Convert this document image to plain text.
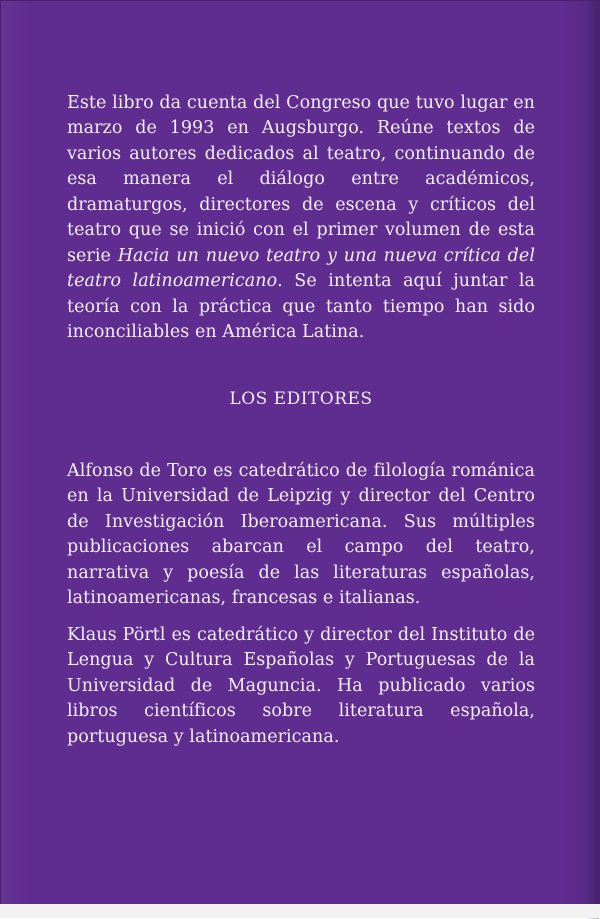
Este libro da cuenta del Congreso que tuvo lugar en marzo de 1993 en Augsburgo. Reúne textos de varios autores dedicados al teatro, continuando de esa manera el diálogo entre académicos, dramaturgos, directores de escena y críticos del teatro que se inició con el primer volumen de esta serie Hacia un nuevo teatro y una nueva crítica del teatro latinoamericano. Se intenta aquí juntar la teoría con la práctica que tanto tiempo han sido inconciliables en América Latina.

LOS EDITORES

Alfonso de Toro es catedrático de filología románica en la Universidad de Leipzig y director del Centro de Investigación Iberoamericana. Sus múltiples publicaciones abarcan el campo del teatro, narrativa y poesía de las literaturas españolas, latinoamericanas, francesas e italianas.

Klaus Pörtl es catedrático y director del Instituto de Lengua y Cultura Españolas y Portuguesas de la Universidad de Maguncia. Ha publicado varios libros científicos sobre literatura española, portuguesa y latinoamericana.
